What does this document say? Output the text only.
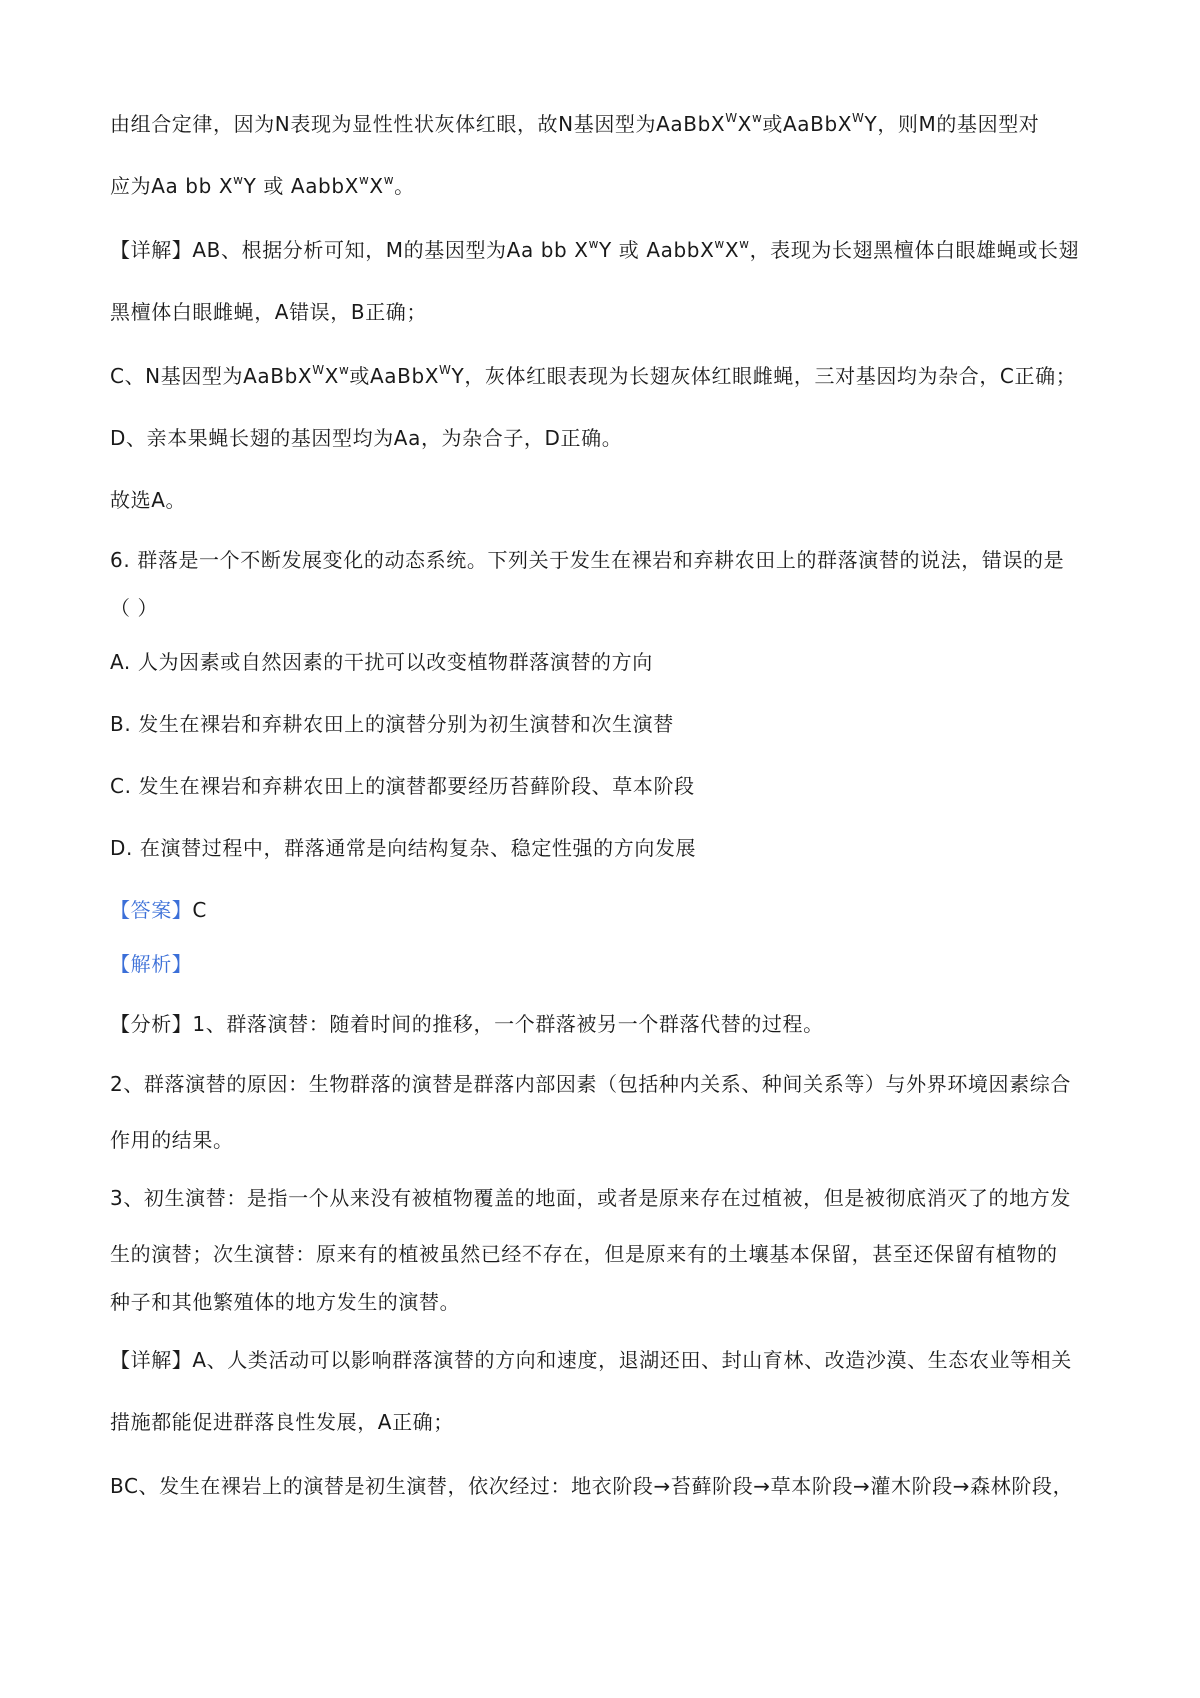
由组合定律，因为N表现为显性性状灰体红眼，故N基因型为$AaBbX^WX^w$或AaBbX$^W$Y，则M的基因型对
应为Aa bb $X^wY$ 或 $AabbX^wX^w$。
【详解】AB、根据分析可知，M的基因型为Aa bb $X^wY$ 或 $AabbX^wX^w$，表现为长翅黑檀体白眼雄蝇或长翅
黑檀体白眼雌蝇，A错误，B正确；
C、N基因型为$AaBbX^WX^w$或AaBbX$^W$Y，灰体红眼表现为长翅灰体红眼雌蝇，三对基因均为杂合，C正确；
D、亲本果蝇长翅的基因型均为Aa，为杂合子，D正确。
故选A。
6. 群落是一个不断发展变化的动态系统。下列关于发生在裸岩和弃耕农田上的群落演替的说法，错误的是
（ ）
A. 人为因素或自然因素的干扰可以改变植物群落演替的方向
B. 发生在裸岩和弃耕农田上的演替分别为初生演替和次生演替
C. 发生在裸岩和弃耕农田上的演替都要经历苔藓阶段、草本阶段
D. 在演替过程中，群落通常是向结构复杂、稳定性强的方向发展
【答案】C
【解析】
【分析】1、群落演替：随着时间的推移，一个群落被另一个群落代替的过程。
2、群落演替的原因：生物群落的演替是群落内部因素（包括种内关系、种间关系等）与外界环境因素综合
作用的结果。
3、初生演替：是指一个从来没有被植物覆盖的地面，或者是原来存在过植被，但是被彻底消灭了的地方发
生的演替；次生演替：原来有的植被虽然已经不存在，但是原来有的土壤基本保留，甚至还保留有植物的
种子和其他繁殖体的地方发生的演替。
【详解】A、人类活动可以影响群落演替的方向和速度，退湖还田、封山育林、改造沙漠、生态农业等相关
措施都能促进群落良性发展，A正确；
BC、发生在裸岩上的演替是初生演替，依次经过：地衣阶段→苔藓阶段→草本阶段→灌木阶段→森林阶段，
